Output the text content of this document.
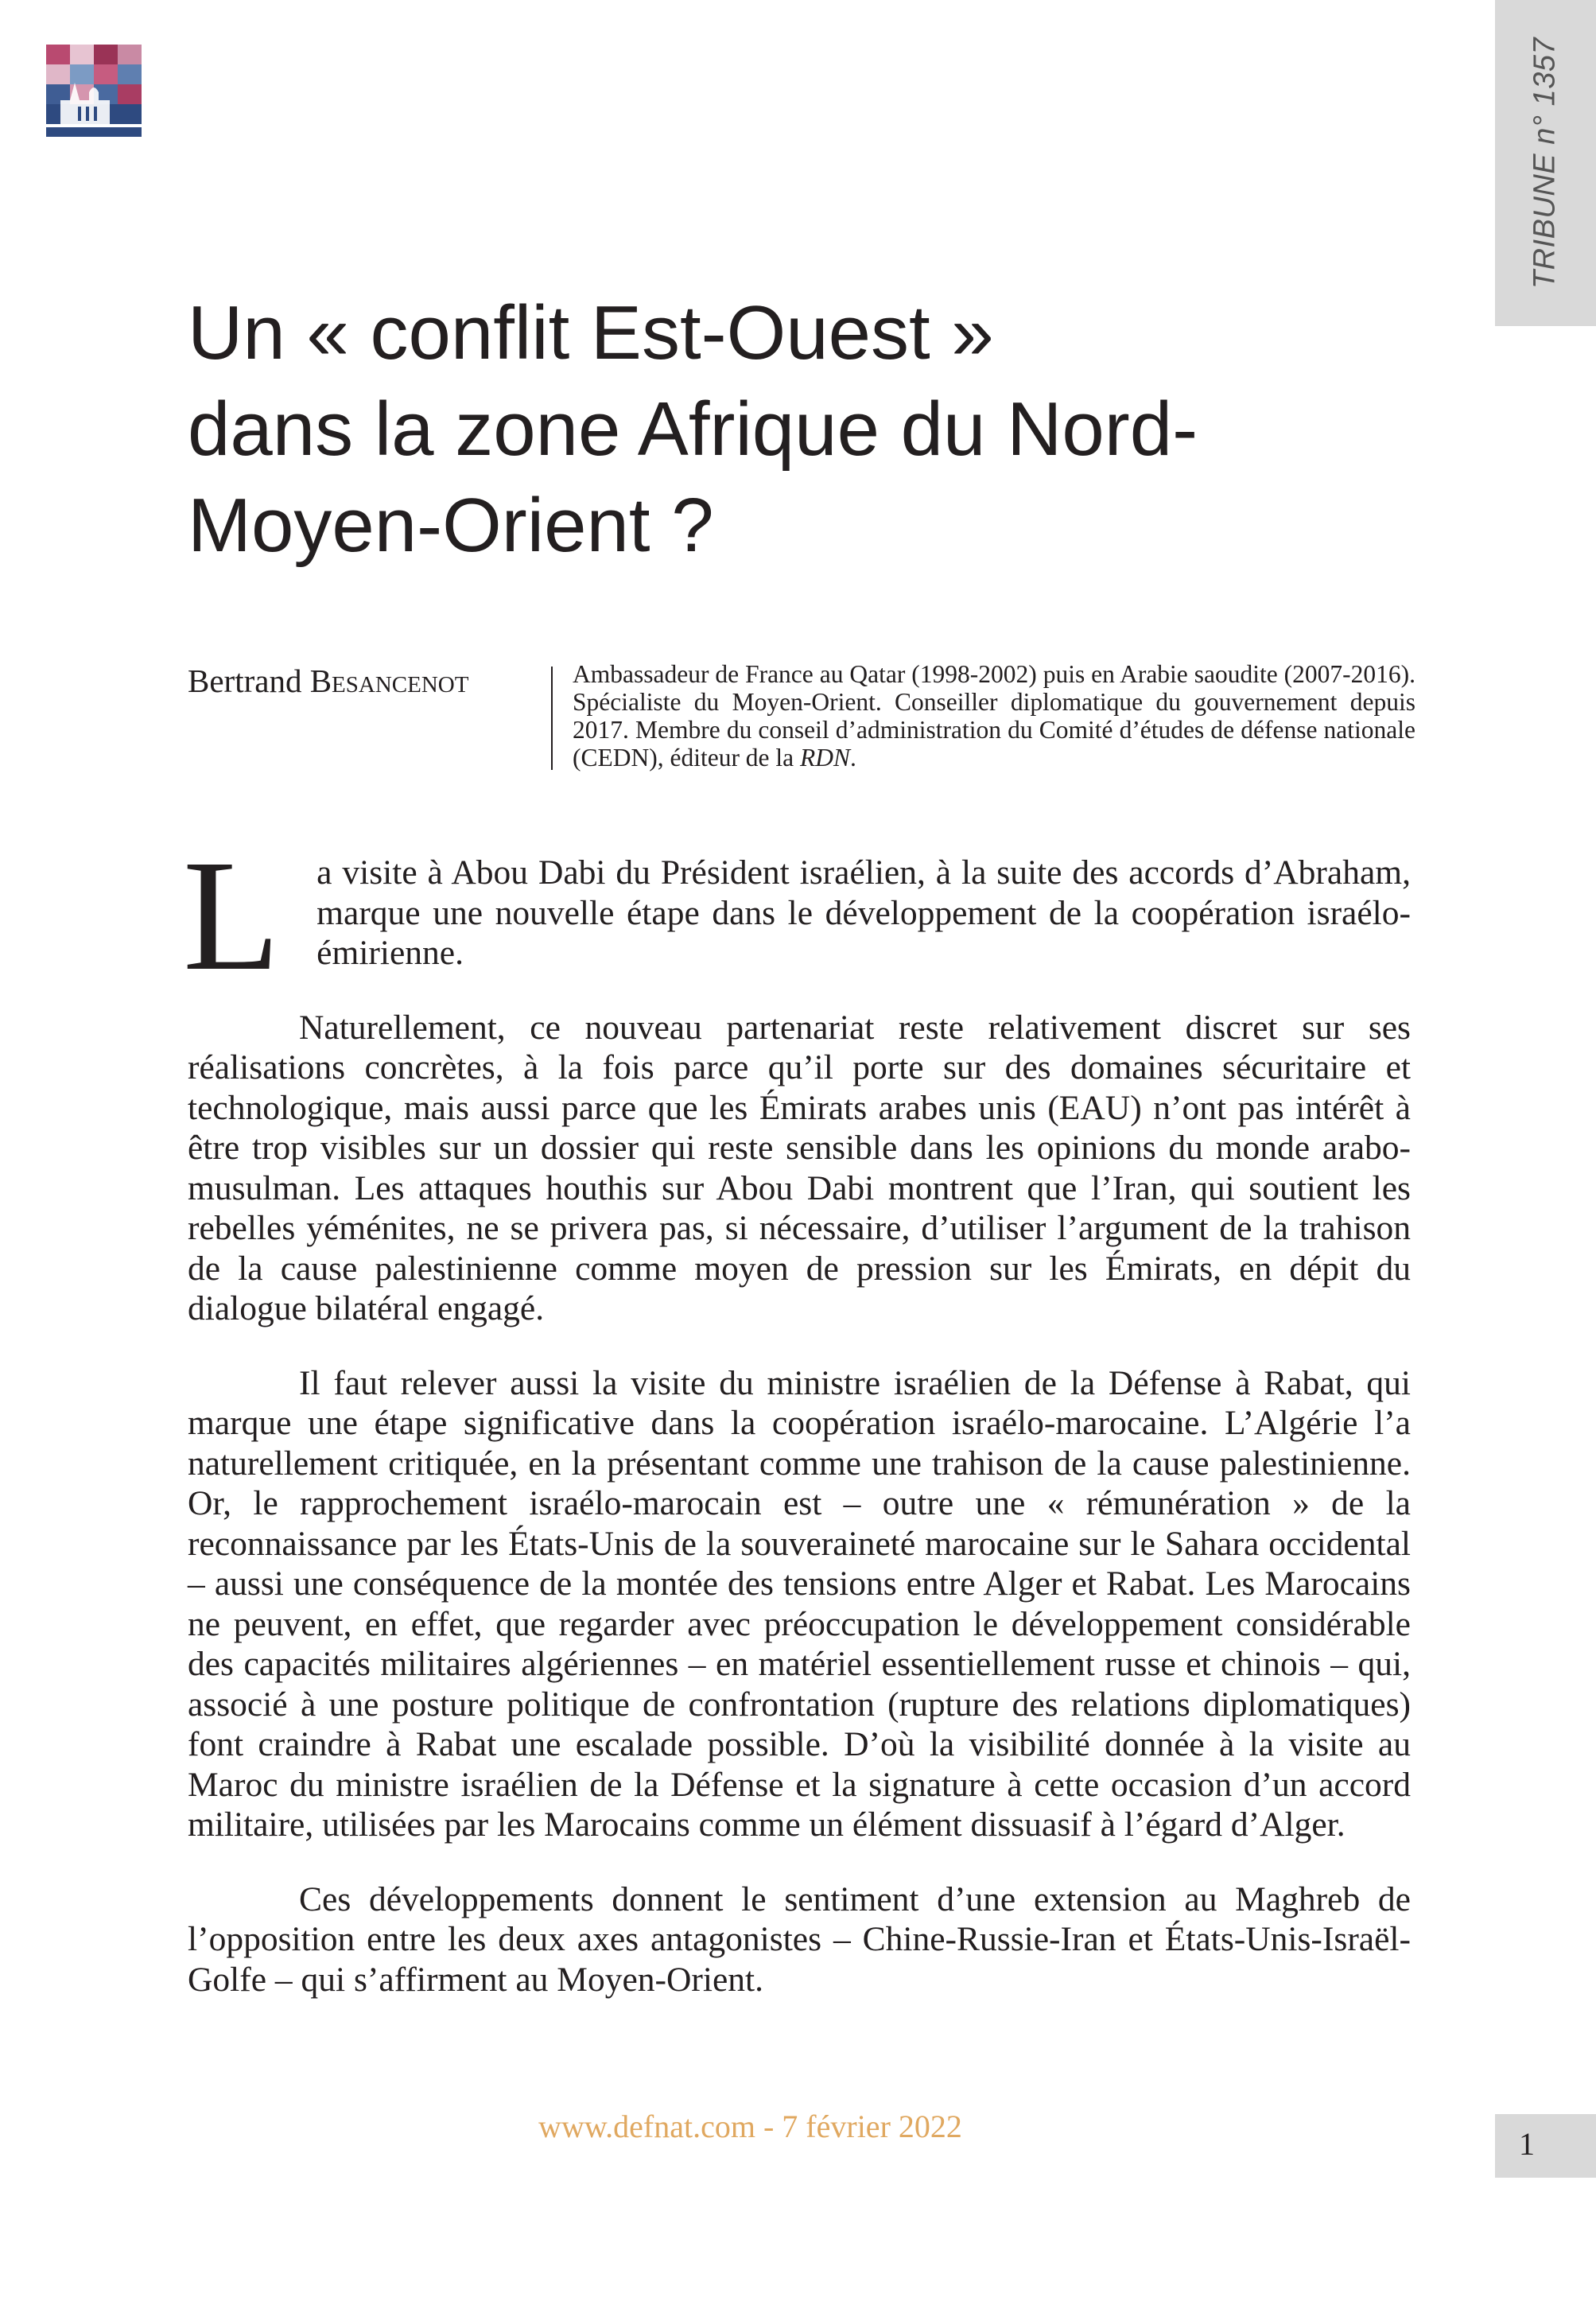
TRIBUNE n° 1357
Un « conflit Est-Ouest »
dans la zone Afrique du Nord-
Moyen-Orient ?
Bertrand Besancenot	Ambassadeur de France au Qatar (1998-2002) puis en Arabie saoudite (2007-2016). Spécialiste du Moyen-Orient. Conseiller diplomatique du gouvernement depuis 2017. Membre du conseil d’administration du Comité d’études de défense nationale (CEDN), éditeur de la RDN.

L a visite à Abou Dabi du Président israélien, à la suite des accords d’Abraham, marque une nouvelle étape dans le développement de la coopération israélo-émirienne.

Naturellement, ce nouveau partenariat reste relativement discret sur ses réalisations concrètes, à la fois parce qu’il porte sur des domaines sécuritaire et technologique, mais aussi parce que les Émirats arabes unis (EAU) n’ont pas intérêt à être trop visibles sur un dossier qui reste sensible dans les opinions du monde arabo-musulman. Les attaques houthis sur Abou Dabi montrent que l’Iran, qui soutient les rebelles yéménites, ne se privera pas, si nécessaire, d’utiliser l’argument de la trahison de la cause palestinienne comme moyen de pression sur les Émirats, en dépit du dialogue bilatéral engagé.

Il faut relever aussi la visite du ministre israélien de la Défense à Rabat, qui marque une étape significative dans la coopération israélo-marocaine. L’Algérie l’a naturellement critiquée, en la présentant comme une trahison de la cause palestinienne. Or, le rapprochement israélo-marocain est – outre une « rémunération » de la reconnaissance par les États-Unis de la souveraineté marocaine sur le Sahara occidental – aussi une conséquence de la montée des tensions entre Alger et Rabat. Les Marocains ne peuvent, en effet, que regarder avec préoccupation le développement considérable des capacités militaires algériennes – en matériel essentiellement russe et chinois – qui, associé à une posture politique de confrontation (rupture des relations diplomatiques) font craindre à Rabat une escalade possible. D’où la visibilité donnée à la visite au Maroc du ministre israélien de la Défense et la signature à cette occasion d’un accord militaire, utilisées par les Marocains comme un élément dissuasif à l’égard d’Alger.

Ces développements donnent le sentiment d’une extension au Maghreb de l’opposition entre les deux axes antagonistes – Chine-Russie-Iran et États-Unis-Israël-Golfe – qui s’affirment au Moyen-Orient.

www.defnat.com - 7 février 2022	1
